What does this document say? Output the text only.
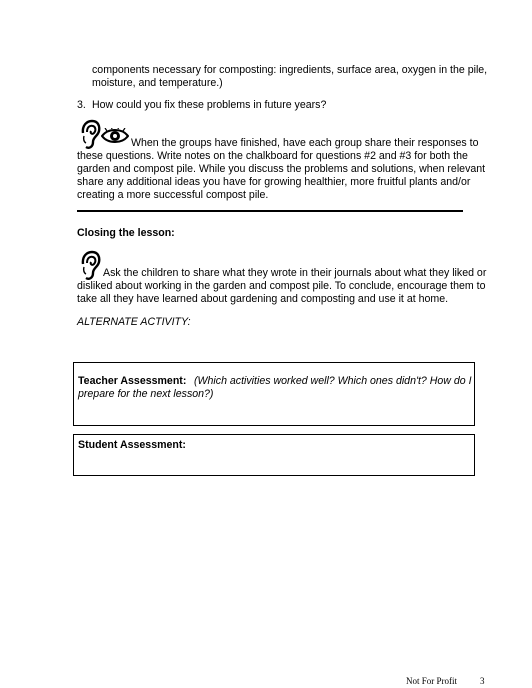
components necessary for composting: ingredients, surface area, oxygen in the pile,
moisture, and temperature.)
3. How could you fix these problems in future years?
When the groups have finished, have each group share their responses to
these questions. Write notes on the chalkboard for questions #2 and #3 for both the
garden and compost pile. While you discuss the problems and solutions, when relevant
share any additional ideas you have for growing healthier, more fruitful plants and/or
creating a more successful compost pile.
Closing the lesson:
Ask the children to share what they wrote in their journals about what they liked or
disliked about working in the garden and compost pile. To conclude, encourage them to
take all they have learned about gardening and composting and use it at home.
ALTERNATE ACTIVITY:
Teacher Assessment: (Which activities worked well? Which ones didn't? How do I
prepare for the next lesson?)
Student Assessment:
Not For Profit	3
